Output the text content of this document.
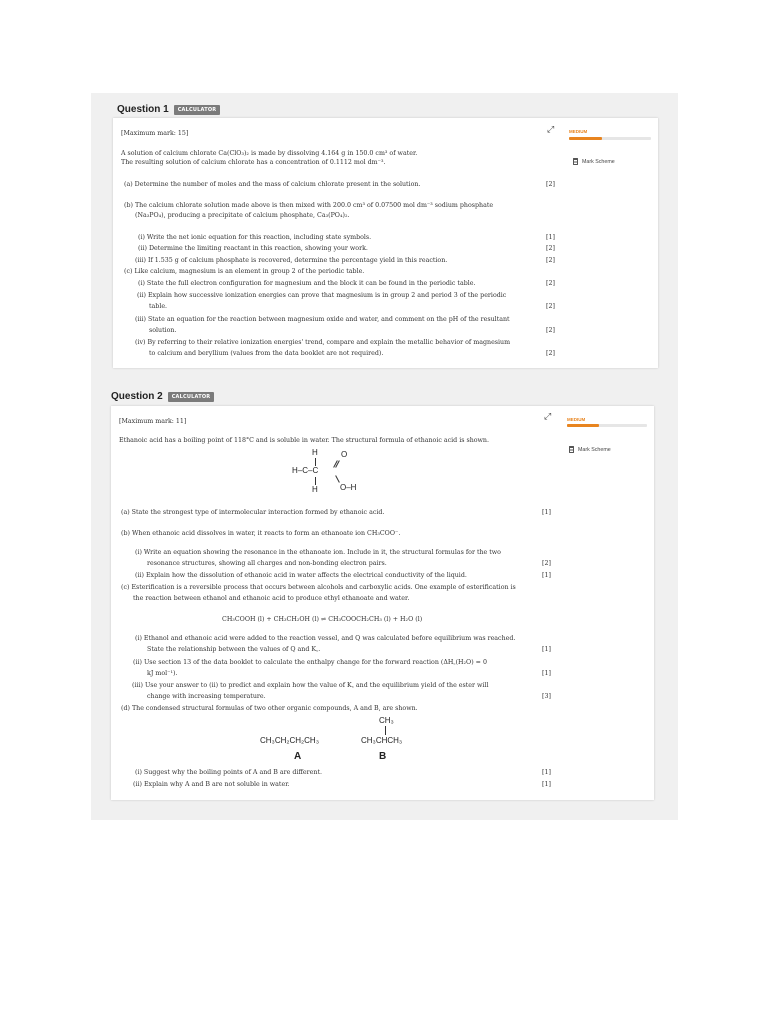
Question 1	CALCULATOR
[Maximum mark: 15]	⤢	MEDIUM
Mark Scheme
A solution of calcium chlorate Ca(ClO₃)₂ is made by dissolving 4.164 g in 150.0 cm³ of water.
The resulting solution of calcium chlorate has a concentration of 0.1112 mol dm⁻³.
(a) Determine the number of moles and the mass of calcium chlorate present in the solution.	[2]
(b) The calcium chlorate solution made above is then mixed with 200.0 cm³ of 0.07500 mol dm⁻³ sodium phosphate
(Na₃PO₄), producing a precipitate of calcium phosphate, Ca₃(PO₄)₂.
(i) Write the net ionic equation for this reaction, including state symbols.	[1]
(ii) Determine the limiting reactant in this reaction, showing your work.	[2]
(iii) If 1.535 g of calcium phosphate is recovered, determine the percentage yield in this reaction.	[2]
(c) Like calcium, magnesium is an element in group 2 of the periodic table.
(i) State the full electron configuration for magnesium and the block it can be found in the periodic table.	[2]
(ii) Explain how successive ionization energies can prove that magnesium is in group 2 and period 3 of the periodic
table.	[2]
(iii) State an equation for the reaction between magnesium oxide and water, and comment on the pH of the resultant
solution.	[2]
(iv) By referring to their relative ionization energies' trend, compare and explain the metallic behavior of magnesium
to calcium and beryllium (values from the data booklet are not required).	[2]
Question 2	CALCULATOR
[Maximum mark: 11]	⤢	MEDIUM
Mark Scheme
Ethanoic acid has a boiling point of 118°C and is soluble in water. The structural formula of ethanoic acid is shown.
H
H–C–C
H
O
O–H
(a) State the strongest type of intermolecular interaction formed by ethanoic acid.	[1]
(b) When ethanoic acid dissolves in water, it reacts to form an ethanoate ion CH₃COO⁻.
(i) Write an equation showing the resonance in the ethanoate ion. Include in it, the structural formulas for the two
resonance structures, showing all charges and non-bonding electron pairs.	[2]
(ii) Explain how the dissolution of ethanoic acid in water affects the electrical conductivity of the liquid.	[1]
(c) Esterification is a reversible process that occurs between alcohols and carboxylic acids. One example of esterification is
the reaction between ethanol and ethanoic acid to produce ethyl ethanoate and water.
CH₃COOH (l) + CH₃CH₂OH (l) ⇌ CH₃COOCH₂CH₃ (l) + H₂O (l)
(i) Ethanol and ethanoic acid were added to the reaction vessel, and Q was calculated before equilibrium was reached.
State the relationship between the values of Q and K꜀.	[1]
(ii) Use section 13 of the data booklet to calculate the enthalpy change for the forward reaction (ΔH꜀(H₂O) = 0
kJ mol⁻¹).	[1]
(iii) Use your answer to (ii) to predict and explain how the value of K꜀ and the equilibrium yield of the ester will
change with increasing temperature.	[3]
(d) The condensed structural formulas of two other organic compounds, A and B, are shown.
CH₃CH₂CH₂CH₃
A
CH₃
CH₃CHCH₃
B
(i) Suggest why the boiling points of A and B are different.	[1]
(ii) Explain why A and B are not soluble in water.	[1]
